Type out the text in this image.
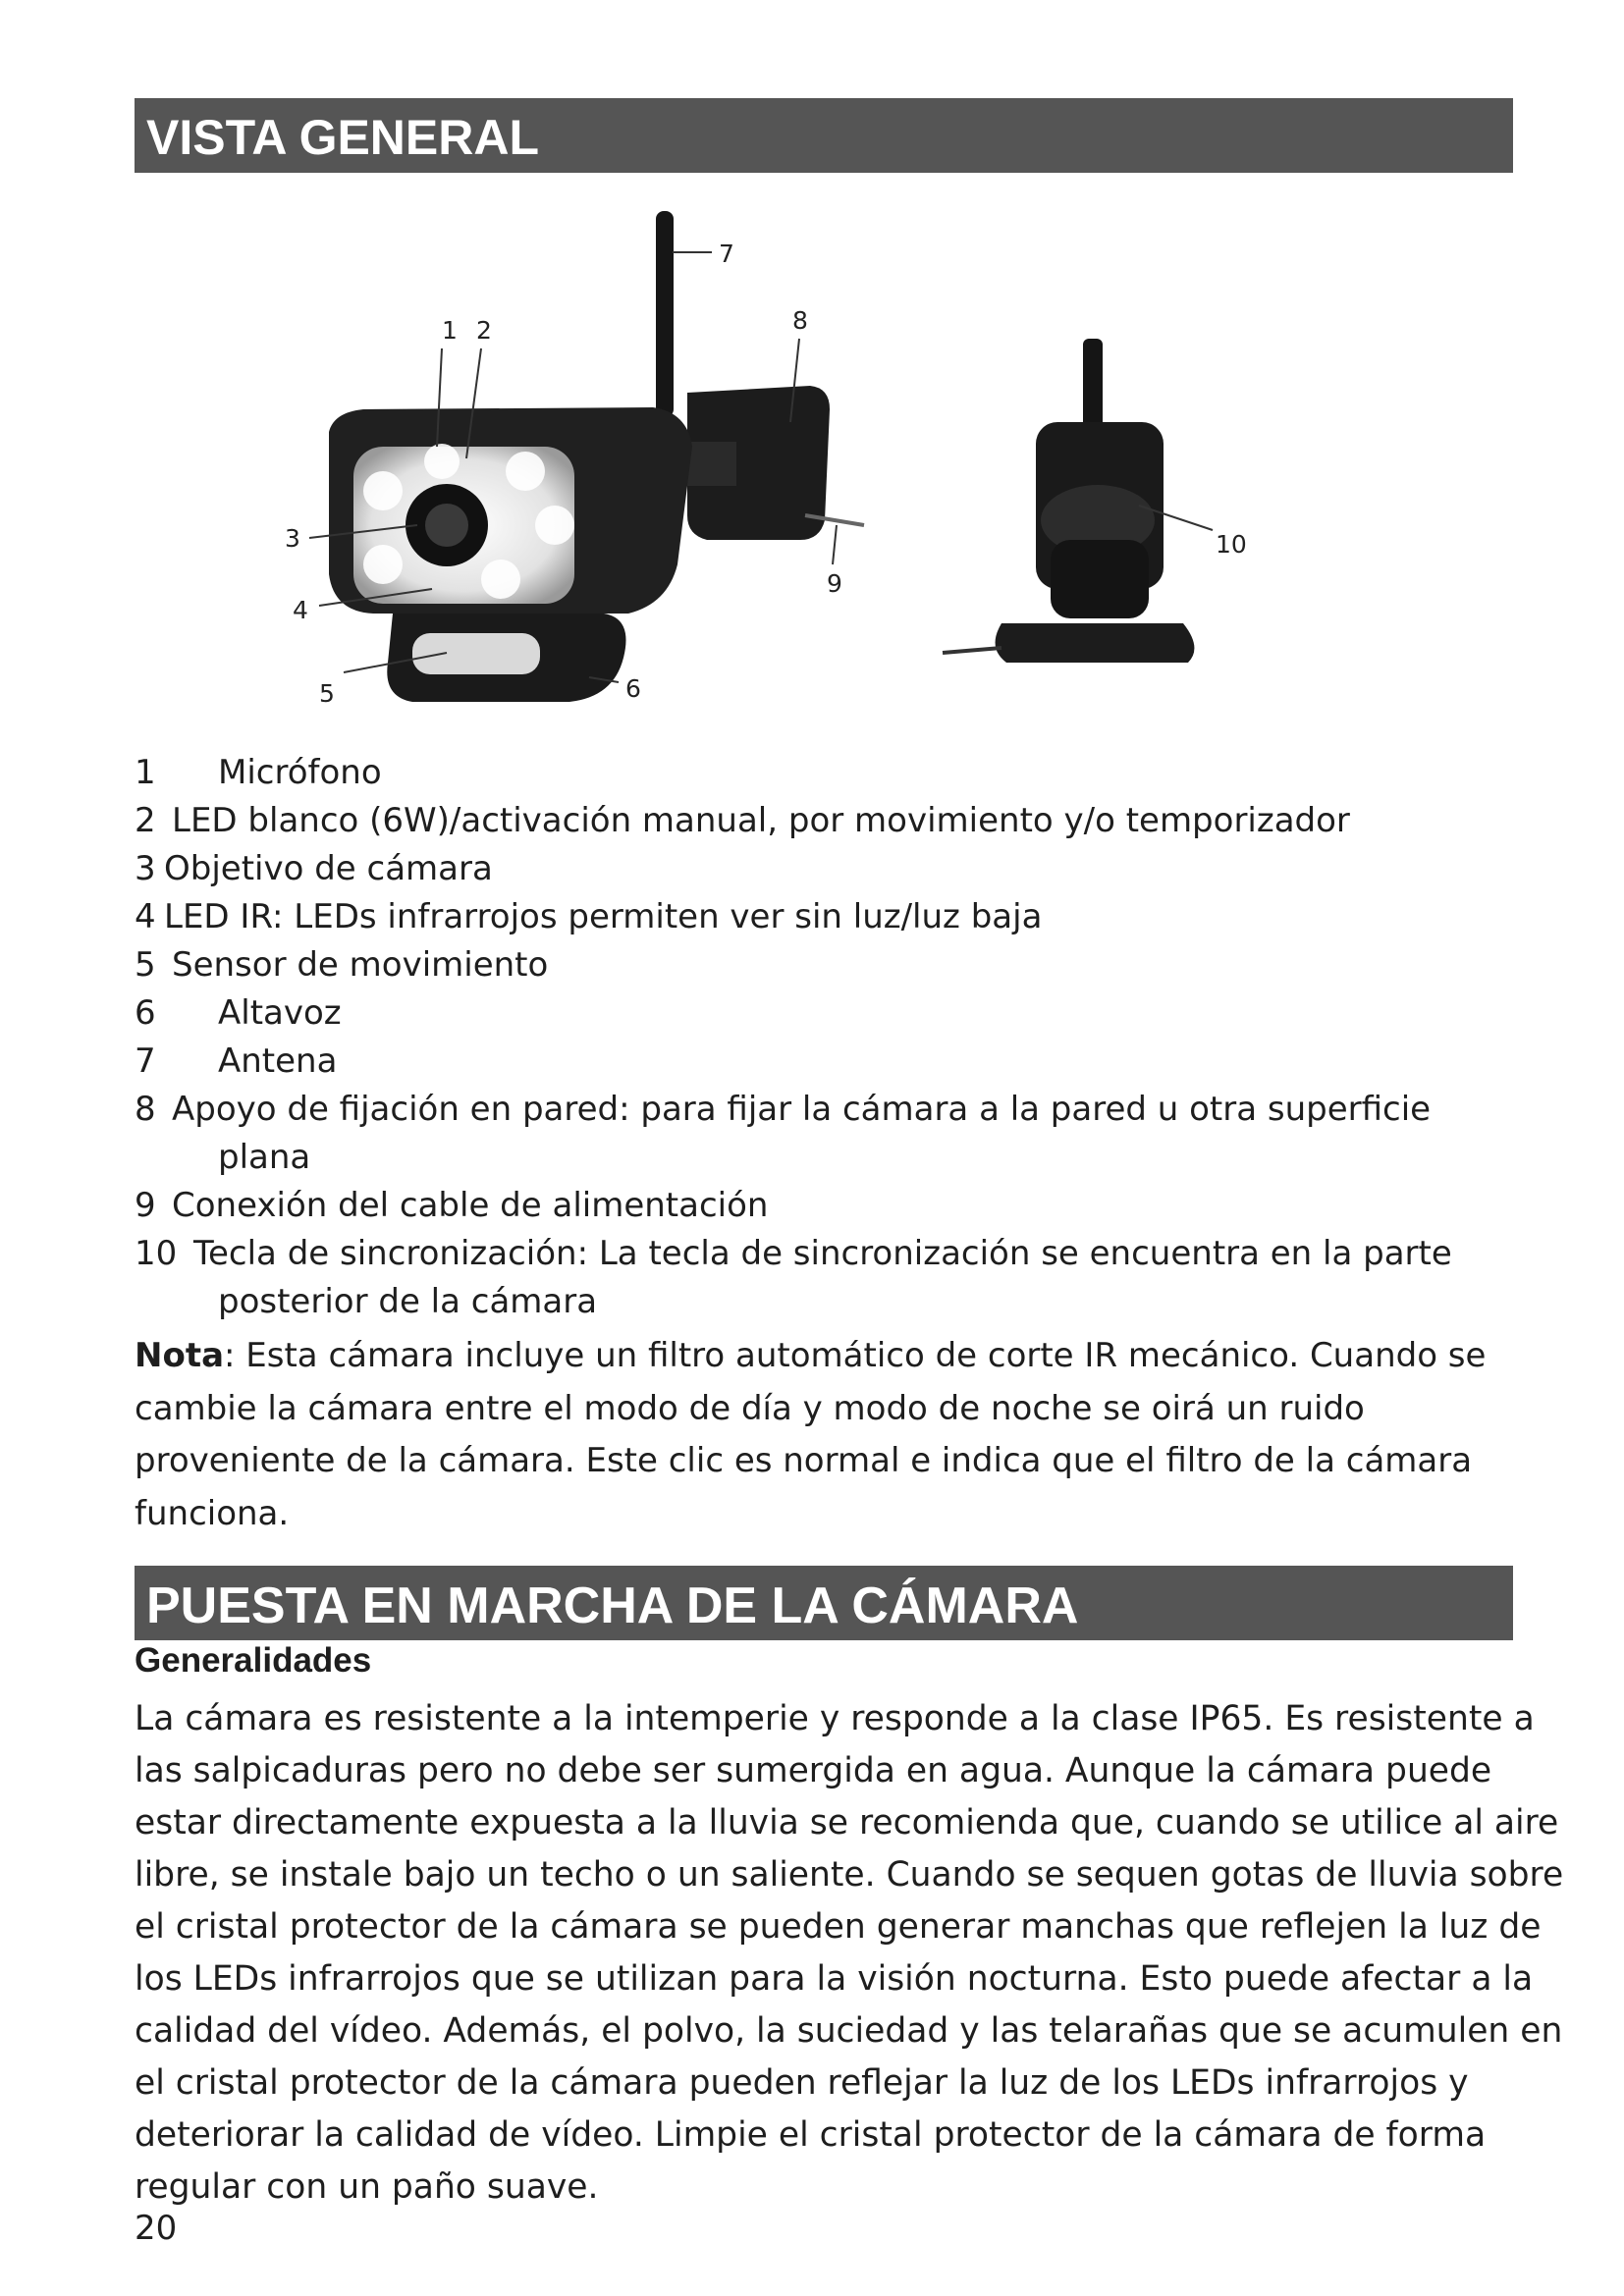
VISTA GENERAL
1 2
3
4
5	6
7
8
9
10
1 Micrófono
2 LED blanco (6W)/activación manual, por movimiento y/o temporizador
3 Objetivo de cámara
4 LED IR: LEDs infrarrojos permiten ver sin luz/luz baja
5 Sensor de movimiento
6 Altavoz
7 Antena
8 Apoyo de fijación en pared: para fijar la cámara a la pared u otra superficie
plana
9 Conexión del cable de alimentación
10 Tecla de sincronización: La tecla de sincronización se encuentra en la parte
posterior de la cámara
Nota: Esta cámara incluye un filtro automático de corte IR mecánico. Cuando se cambie la cámara entre el modo de día y modo de noche se oirá un ruido proveniente de la cámara. Este clic es normal e indica que el filtro de la cámara funciona.
PUESTA EN MARCHA DE LA CÁMARA
Generalidades
La cámara es resistente a la intemperie y responde a la clase IP65. Es resistente a
las salpicaduras pero no debe ser sumergida en agua. Aunque la cámara puede
estar directamente expuesta a la lluvia se recomienda que, cuando se utilice al aire
libre, se instale bajo un techo o un saliente. Cuando se sequen gotas de lluvia sobre
el cristal protector de la cámara se pueden generar manchas que reflejen la luz de
los LEDs infrarrojos que se utilizan para la visión nocturna. Esto puede afectar a la
calidad del vídeo. Además, el polvo, la suciedad y las telarañas que se acumulen en
el cristal protector de la cámara pueden reflejar la luz de los LEDs infrarrojos y
deteriorar la calidad de vídeo. Limpie el cristal protector de la cámara de forma
regular con un paño suave.
20
